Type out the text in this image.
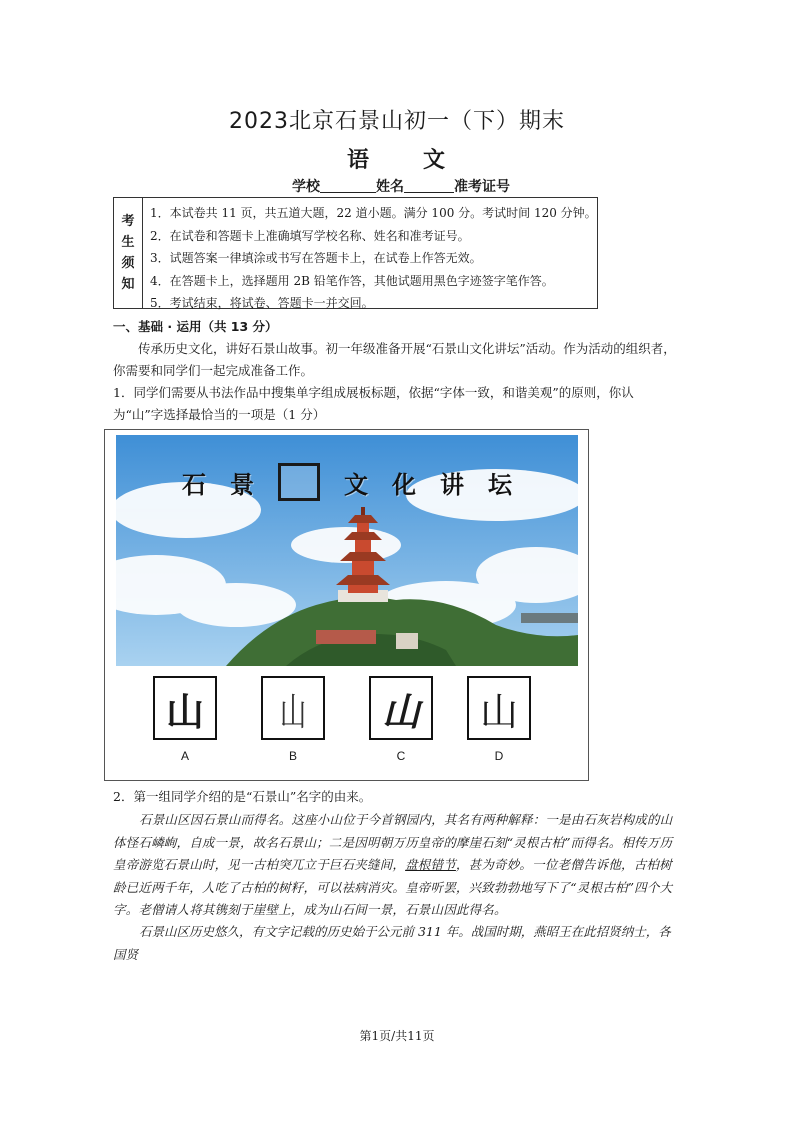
2023北京石景山初一（下）期末
语 文
学校	姓名	准考证号
考
生
须
知
1．本试卷共 11 页，共五道大题，22 道小题。满分 100 分。考试时间 120 分钟。
2．在试卷和答题卡上准确填写学校名称、姓名和准考证号。
3．试题答案一律填涂或书写在答题卡上，在试卷上作答无效。
4．在答题卡上，选择题用 2B 铅笔作答，其他试题用黑色字迹签字笔作答。
5．考试结束，将试卷、答题卡一并交回。
一、基础 · 运用（共 13 分）
传承历史文化，讲好石景山故事。初一年级准备开展“石景山文化讲坛”活动。作为活动的组织者，你需要和同学们一起完成准备工作。
1．同学们需要从书法作品中搜集单字组成展板标题，依据“字体一致，和谐美观”的原则，你认为“山”字选择最恰当的一项是（1 分）
石 景	文 化 讲 坛
山 山 山 山
A	B	C	D
2．第一组同学介绍的是“石景山”名字的由来。
石景山区因石景山而得名。这座小山位于今首钢园内，其名有两种解释：一是由石灰岩构成的山体怪石嶙峋，自成一景，故名石景山；二是因明朝万历皇帝的摩崖石刻“灵根古柏”而得名。相传万历皇帝游览石景山时，见一古柏突兀立于巨石夹缝间，盘根错节，甚为奇妙。一位老僧告诉他，古柏树龄已近两千年，人吃了古柏的树籽，可以祛病消灾。皇帝听罢，兴致勃勃地写下了“灵根古柏”四个大字。老僧请人将其镌刻于崖壁上，成为山石间一景，石景山因此得名。
石景山区历史悠久，有文字记载的历史始于公元前 311 年。战国时期，燕昭王在此招贤纳士，各国贤
第1页/共11页
